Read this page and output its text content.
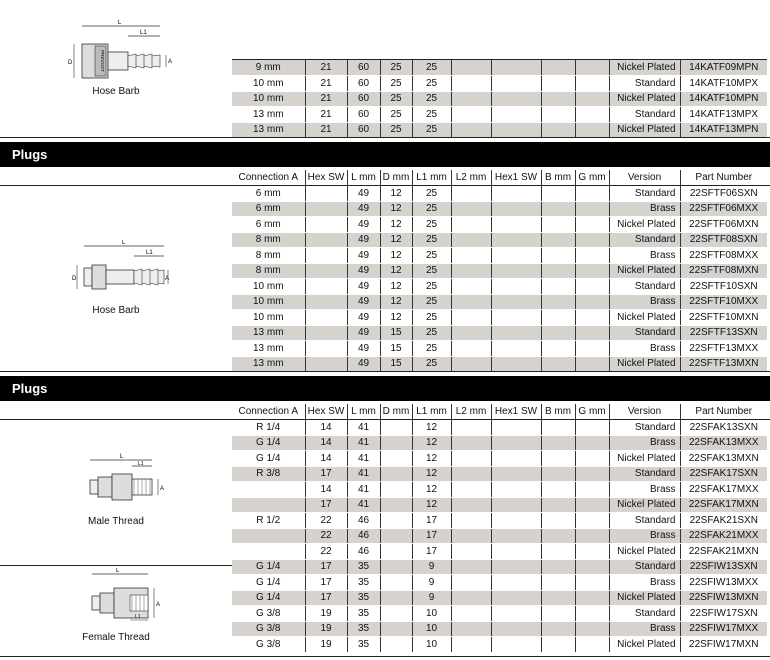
L
L1
PREVOST
D	A
Hose Barb
9 mm	21	60	25	25					Nickel Plated	14KATF09MPN
10 mm	21	60	25	25					Standard	14KATF10MPX
10 mm	21	60	25	25					Nickel Plated	14KATF10MPN
13 mm	21	60	25	25					Standard	14KATF13MPX
13 mm	21	60	25	25					Nickel Plated	14KATF13MPN
Plugs
Connection A	Hex SW	L mm	D mm	L1 mm	L2 mm	Hex1 SW	B mm	G mm	Version	Part Number
6 mm		49	12	25					Standard	22SFTF06SXN
6 mm		49	12	25					Brass	22SFTF06MXX
6 mm		49	12	25					Nickel Plated	22SFTF06MXN
8 mm		49	12	25					Standard	22SFTF08SXN
8 mm		49	12	25					Brass	22SFTF08MXX
8 mm		49	12	25					Nickel Plated	22SFTF08MXN
10 mm		49	12	25					Standard	22SFTF10SXN
10 mm		49	12	25					Brass	22SFTF10MXX
10 mm		49	12	25					Nickel Plated	22SFTF10MXN
13 mm		49	15	25					Standard	22SFTF13SXN
13 mm		49	15	25					Brass	22SFTF13MXX
13 mm		49	15	25					Nickel Plated	22SFTF13MXN
L
L1
D	A
Hose Barb
Plugs
Connection A	Hex SW	L mm	D mm	L1 mm	L2 mm	Hex1 SW	B mm	G mm	Version	Part Number
R 1/4	14	41		12					Standard	22SFAK13SXN
G 1/4	14	41		12					Brass	22SFAK13MXX
G 1/4	14	41		12					Nickel Plated	22SFAK13MXN
R 3/8	17	41		12					Standard	22SFAK17SXN
	14	41		12					Brass	22SFAK17MXX
	17	41		12					Nickel Plated	22SFAK17MXN
R 1/2	22	46		17					Standard	22SFAK21SXN
	22	46		17					Brass	22SFAK21MXX
	22	46		17					Nickel Plated	22SFAK21MXN
G 1/4	17	35		9					Standard	22SFIW13SXN
G 1/4	17	35		9					Brass	22SFIW13MXX
G 1/4	17	35		9					Nickel Plated	22SFIW13MXN
G 3/8	19	35		10					Standard	22SFIW17SXN
G 3/8	19	35		10					Brass	22SFIW17MXX
G 3/8	19	35		10					Nickel Plated	22SFIW17MXN
L
L1
A
Male Thread
L
L1
A
Female Thread
